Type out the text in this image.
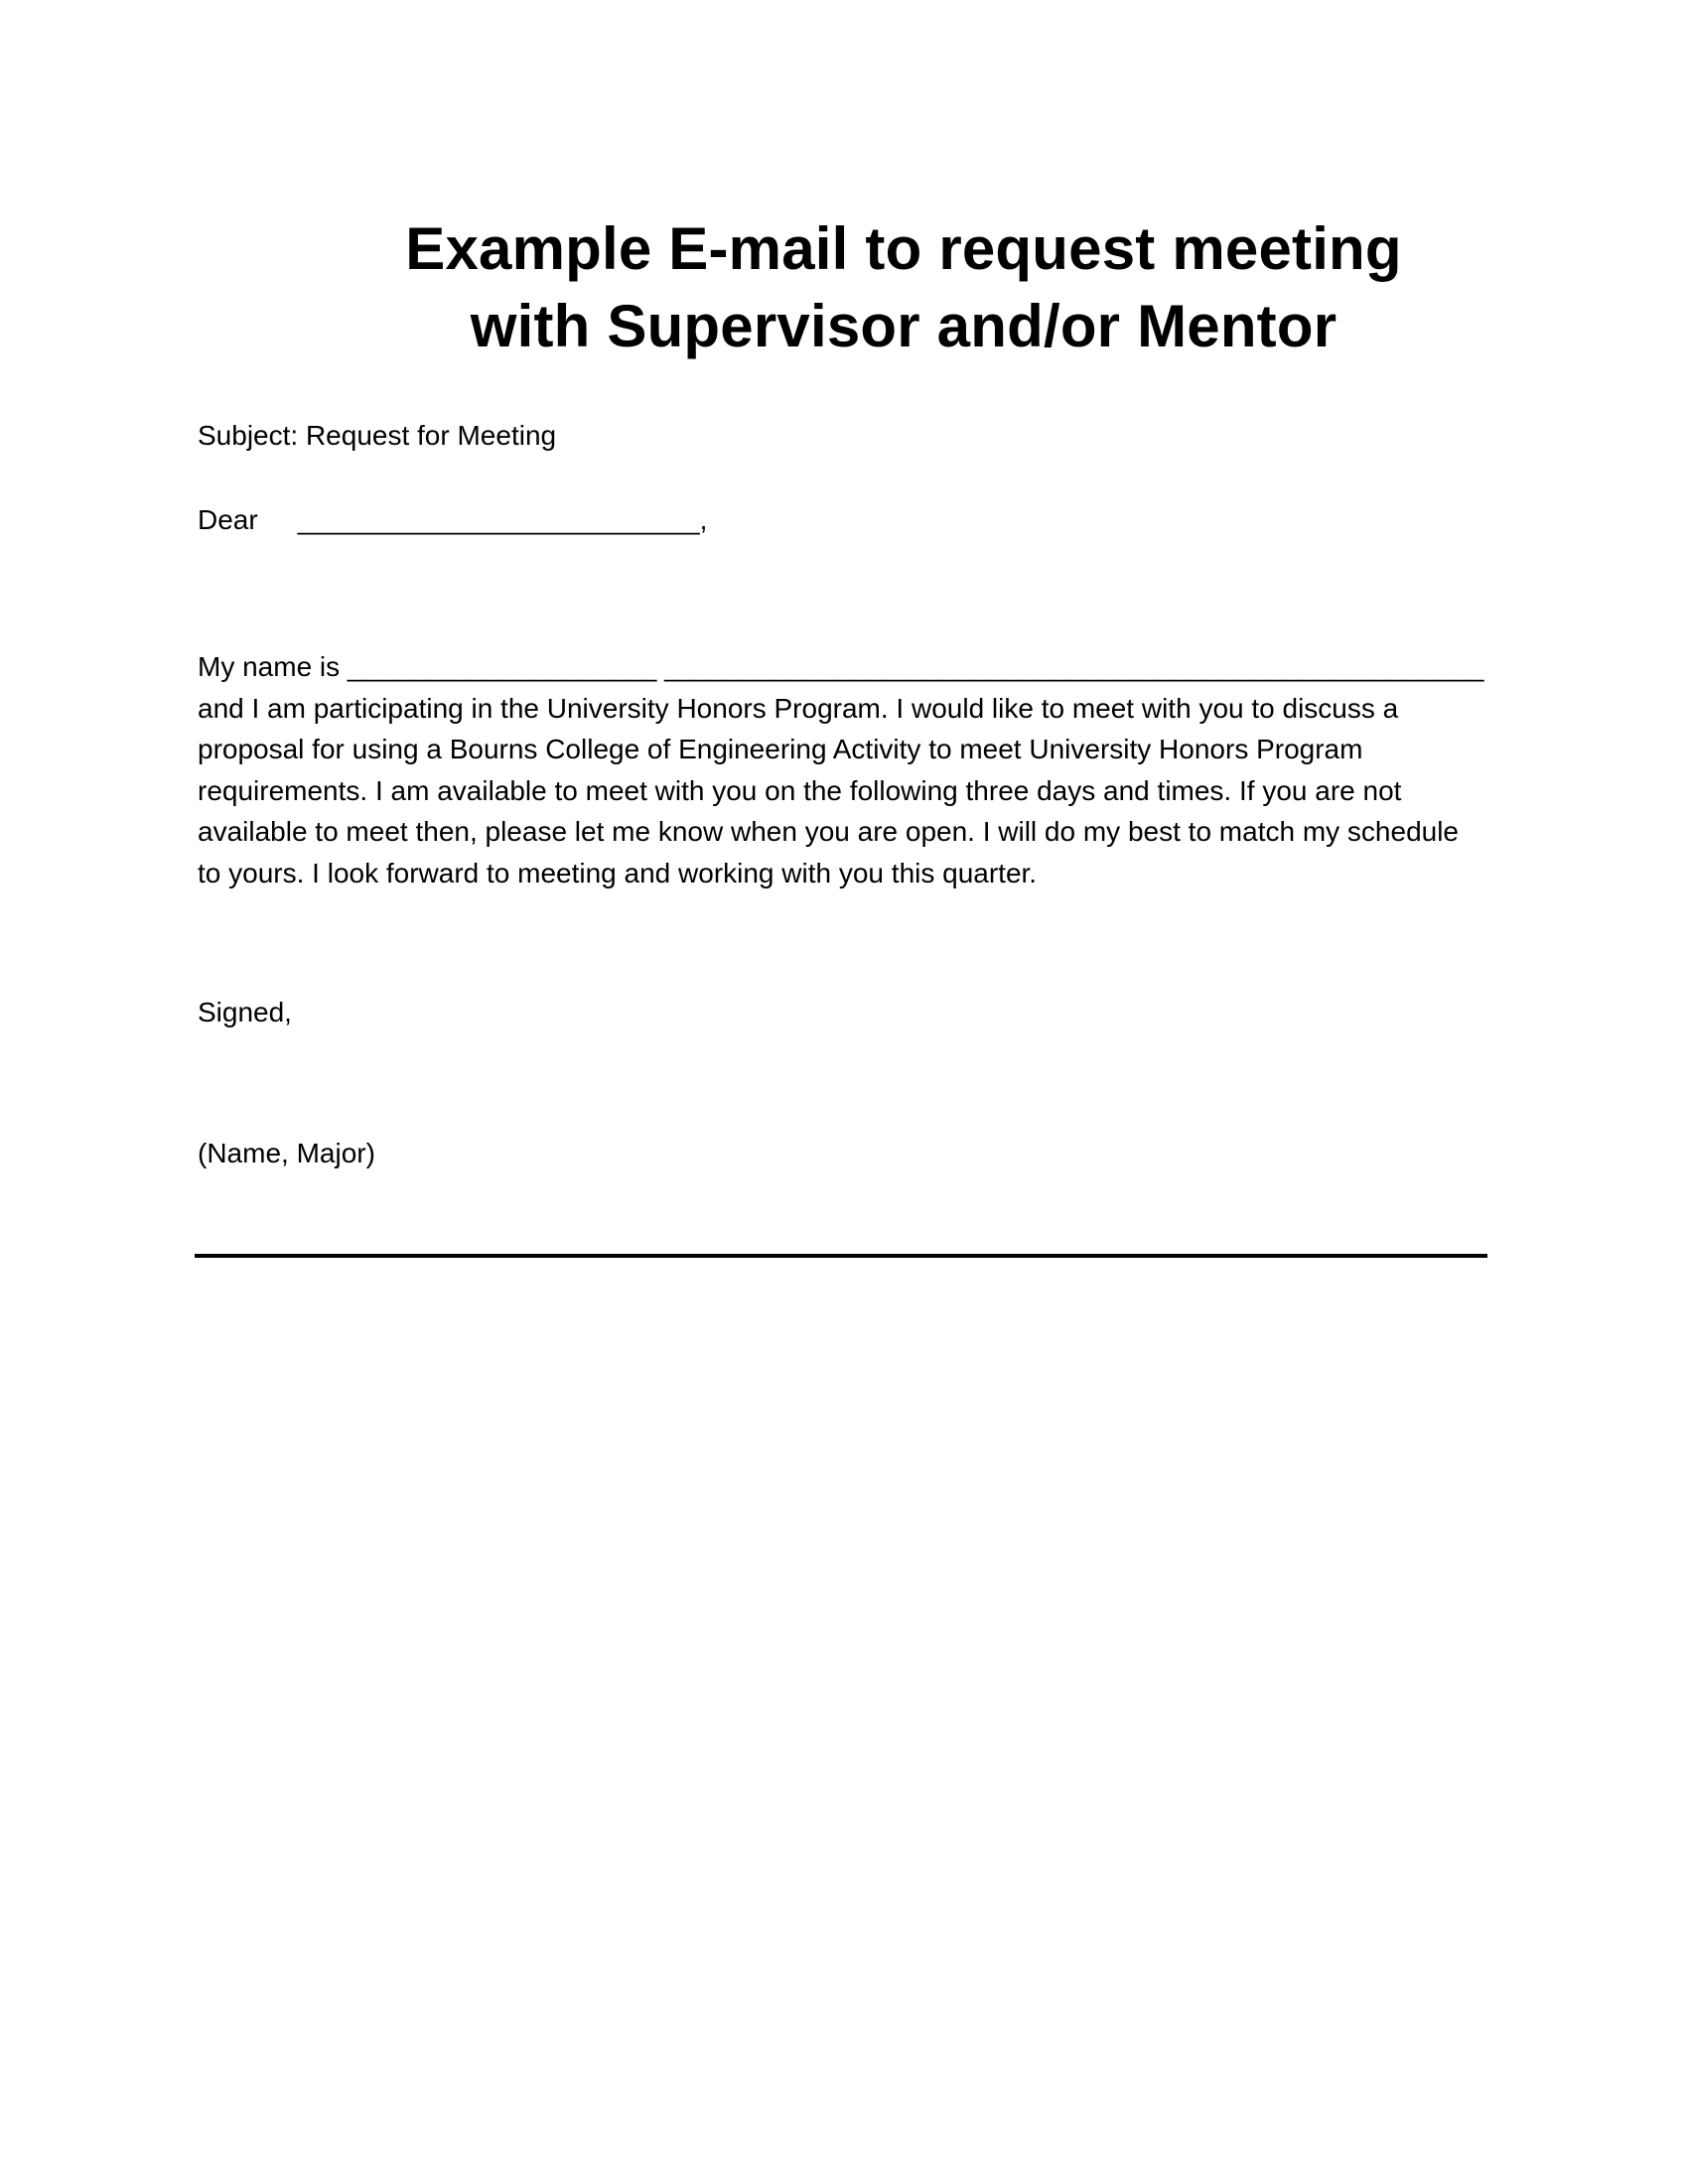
Example E-mail to request meeting
with Supervisor and/or Mentor
Subject: Request for Meeting
Dear __________________________,
My name is ____________________ _____________________________________________________
and I am participating in the University Honors Program. I would like to meet with you to discuss a
proposal for using a Bourns College of Engineering Activity to meet University Honors Program
requirements. I am available to meet with you on the following three days and times. If you are not
available to meet then, please let me know when you are open. I will do my best to match my schedule
to yours. I look forward to meeting and working with you this quarter.
Signed,
(Name, Major)
